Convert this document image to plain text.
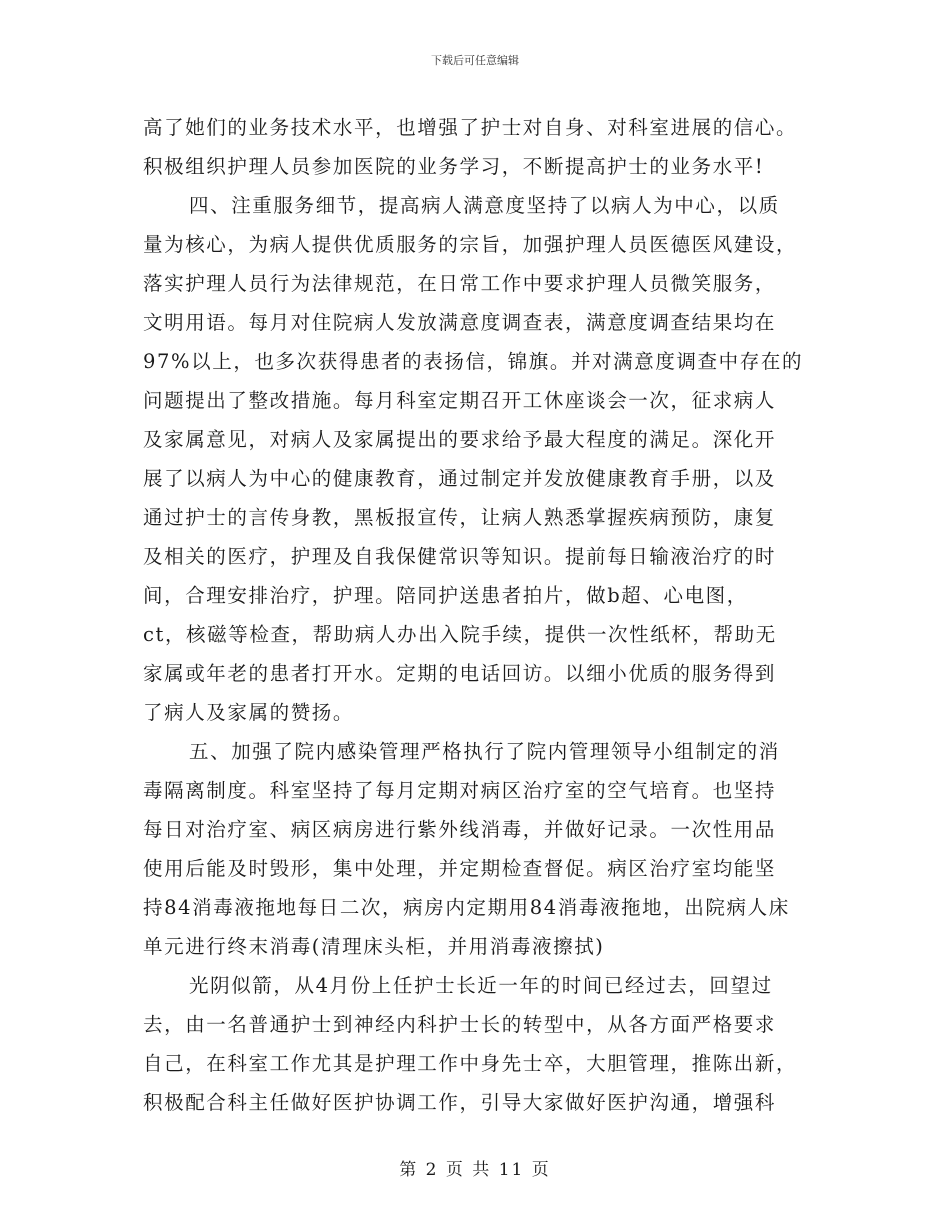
下载后可任意编辑
高了她们的业务技术水平，也增强了护士对自身、对科室进展的信心。
积极组织护理人员参加医院的业务学习，不断提高护士的业务水平!
四、注重服务细节，提高病人满意度坚持了以病人为中心，以质
量为核心，为病人提供优质服务的宗旨，加强护理人员医德医风建设，
落实护理人员行为法律规范，在日常工作中要求护理人员微笑服务，
文明用语。每月对住院病人发放满意度调查表，满意度调查结果均在
97%以上，也多次获得患者的表扬信，锦旗。并对满意度调查中存在的
问题提出了整改措施。每月科室定期召开工休座谈会一次，征求病人
及家属意见，对病人及家属提出的要求给予最大程度的满足。深化开
展了以病人为中心的健康教育，通过制定并发放健康教育手册，以及
通过护士的言传身教，黑板报宣传，让病人熟悉掌握疾病预防，康复
及相关的医疗，护理及自我保健常识等知识。提前每日输液治疗的时
间，合理安排治疗，护理。陪同护送患者拍片，做b超、心电图，
ct，核磁等检查，帮助病人办出入院手续，提供一次性纸杯，帮助无
家属或年老的患者打开水。定期的电话回访。以细小优质的服务得到
了病人及家属的赞扬。
五、加强了院内感染管理严格执行了院内管理领导小组制定的消
毒隔离制度。科室坚持了每月定期对病区治疗室的空气培育。也坚持
每日对治疗室、病区病房进行紫外线消毒，并做好记录。一次性用品
使用后能及时毁形，集中处理，并定期检查督促。病区治疗室均能坚
持84消毒液拖地每日二次，病房内定期用84消毒液拖地，出院病人床
单元进行终末消毒(清理床头柜，并用消毒液擦拭)
光阴似箭，从4月份上任护士长近一年的时间已经过去，回望过
去，由一名普通护士到神经内科护士长的转型中，从各方面严格要求
自己，在科室工作尤其是护理工作中身先士卒，大胆管理，推陈出新，
积极配合科主任做好医护协调工作，引导大家做好医护沟通，增强科
第 2 页 共 11 页
